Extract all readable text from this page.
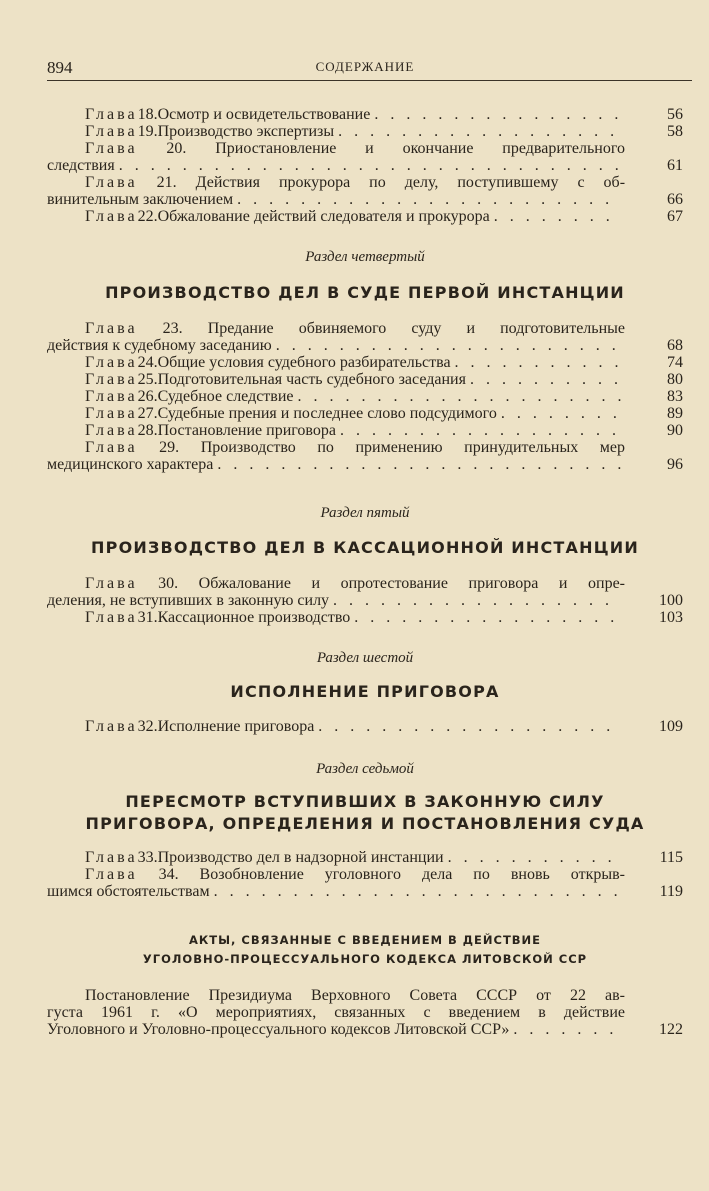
894	СОДЕРЖАНИЕ
Глава 18. Осмотр и освидетельствование . . .	56
Глава 19. Производство экспертизы . . .	58
Глава 20. Приостановление и окончание предварительного
следствия . . .	61
Глава 21. Действия прокурора по делу, поступившему с об-
винительным заключением . . .	66
Глава 22. Обжалование действий следователя и прокурора . . .	67
Раздел четвертый
ПРОИЗВОДСТВО ДЕЛ В СУДЕ ПЕРВОЙ ИНСТАНЦИИ
Глава 23. Предание обвиняемого суду и подготовительные
действия к судебному заседанию . . .	68
Глава 24. Общие условия судебного разбирательства . . .	74
Глава 25. Подготовительная часть судебного заседания . . .	80
Глава 26. Судебное следствие . . .	83
Глава 27. Судебные прения и последнее слово подсудимого . . .	89
Глава 28. Постановление приговора . . .	90
Глава 29. Производство по применению принудительных мер
медицинского характера . . .	96
Раздел пятый
ПРОИЗВОДСТВО ДЕЛ В КАССАЦИОННОЙ ИНСТАНЦИИ
Глава 30. Обжалование и опротестование приговора и опре-
деления, не вступивших в законную силу . . .	100
Глава 31. Кассационное производство . . .	103
Раздел шестой
ИСПОЛНЕНИЕ ПРИГОВОРА
Глава 32. Исполнение приговора . . .	109
Раздел седьмой
ПЕРЕСМОТР ВСТУПИВШИХ В ЗАКОННУЮ СИЛУ
ПРИГОВОРА, ОПРЕДЕЛЕНИЯ И ПОСТАНОВЛЕНИЯ СУДА
Глава 33. Производство дел в надзорной инстанции . . .	115
Глава 34. Возобновление уголовного дела по вновь открыв-
шимся обстоятельствам . . .	119
АКТЫ, СВЯЗАННЫЕ С ВВЕДЕНИЕМ В ДЕЙСТВИЕ
УГОЛОВНО-ПРОЦЕССУАЛЬНОГО КОДЕКСА ЛИТОВСКОЙ ССР
Постановление Президиума Верховного Совета СССР от 22 ав-
густа 1961 г. «О мероприятиях, связанных с введением в действие
Уголовного и Уголовно-процессуального кодексов Литовской ССР» . . .	122
